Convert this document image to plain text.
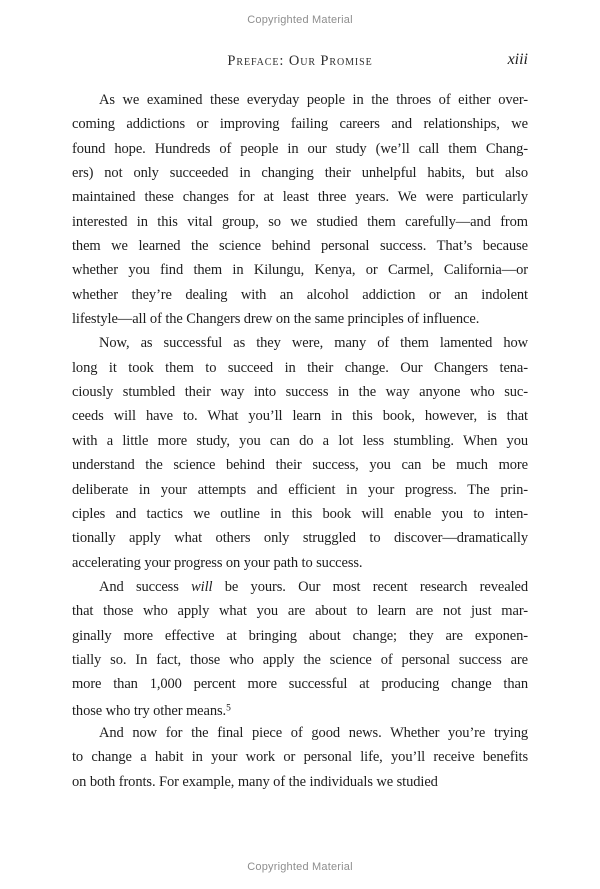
Copyrighted Material
Preface: Our Promise	xiii
As we examined these everyday people in the throes of either over-
coming addictions or improving failing careers and relationships, we
found hope. Hundreds of people in our study (we’ll call them Chang-
ers) not only succeeded in changing their unhelpful habits, but also
maintained these changes for at least three years. We were particularly
interested in this vital group, so we studied them carefully—and from
them we learned the science behind personal success. That’s because
whether you find them in Kilungu, Kenya, or Carmel, California—or
whether they’re dealing with an alcohol addiction or an indolent
lifestyle—all of the Changers drew on the same principles of influence.
Now, as successful as they were, many of them lamented how
long it took them to succeed in their change. Our Changers tena-
ciously stumbled their way into success in the way anyone who suc-
ceeds will have to. What you’ll learn in this book, however, is that
with a little more study, you can do a lot less stumbling. When you
understand the science behind their success, you can be much more
deliberate in your attempts and efficient in your progress. The prin-
ciples and tactics we outline in this book will enable you to inten-
tionally apply what others only struggled to discover—dramatically
accelerating your progress on your path to success.
And success will be yours. Our most recent research revealed
that those who apply what you are about to learn are not just mar-
ginally more effective at bringing about change; they are exponen-
tially so. In fact, those who apply the science of personal success are
more than 1,000 percent more successful at producing change than
those who try other means.$^5$
And now for the final piece of good news. Whether you’re trying
to change a habit in your work or personal life, you’ll receive benefits
on both fronts. For example, many of the individuals we studied
Copyrighted Material
